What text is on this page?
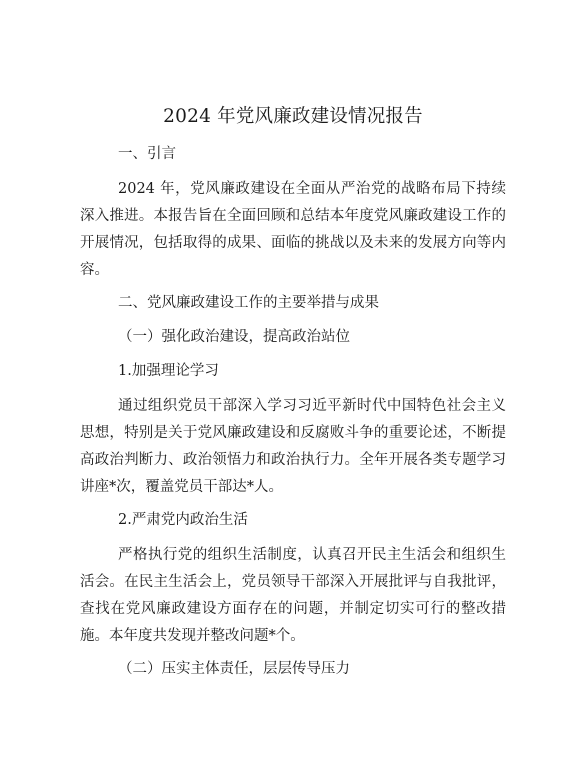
2024 年党风廉政建设情况报告
一、引言
2024 年，党风廉政建设在全面从严治党的战略布局下持续深入推进。本报告旨在全面回顾和总结本年度党风廉政建设工作的开展情况，包括取得的成果、面临的挑战以及未来的发展方向等内容。
二、党风廉政建设工作的主要举措与成果
（一）强化政治建设，提高政治站位
1.加强理论学习
通过组织党员干部深入学习习近平新时代中国特色社会主义思想，特别是关于党风廉政建设和反腐败斗争的重要论述，不断提高政治判断力、政治领悟力和政治执行力。全年开展各类专题学习讲座*次，覆盖党员干部达*人。
2.严肃党内政治生活
严格执行党的组织生活制度，认真召开民主生活会和组织生活会。在民主生活会上，党员领导干部深入开展批评与自我批评，查找在党风廉政建设方面存在的问题，并制定切实可行的整改措施。本年度共发现并整改问题*个。
（二）压实主体责任，层层传导压力
